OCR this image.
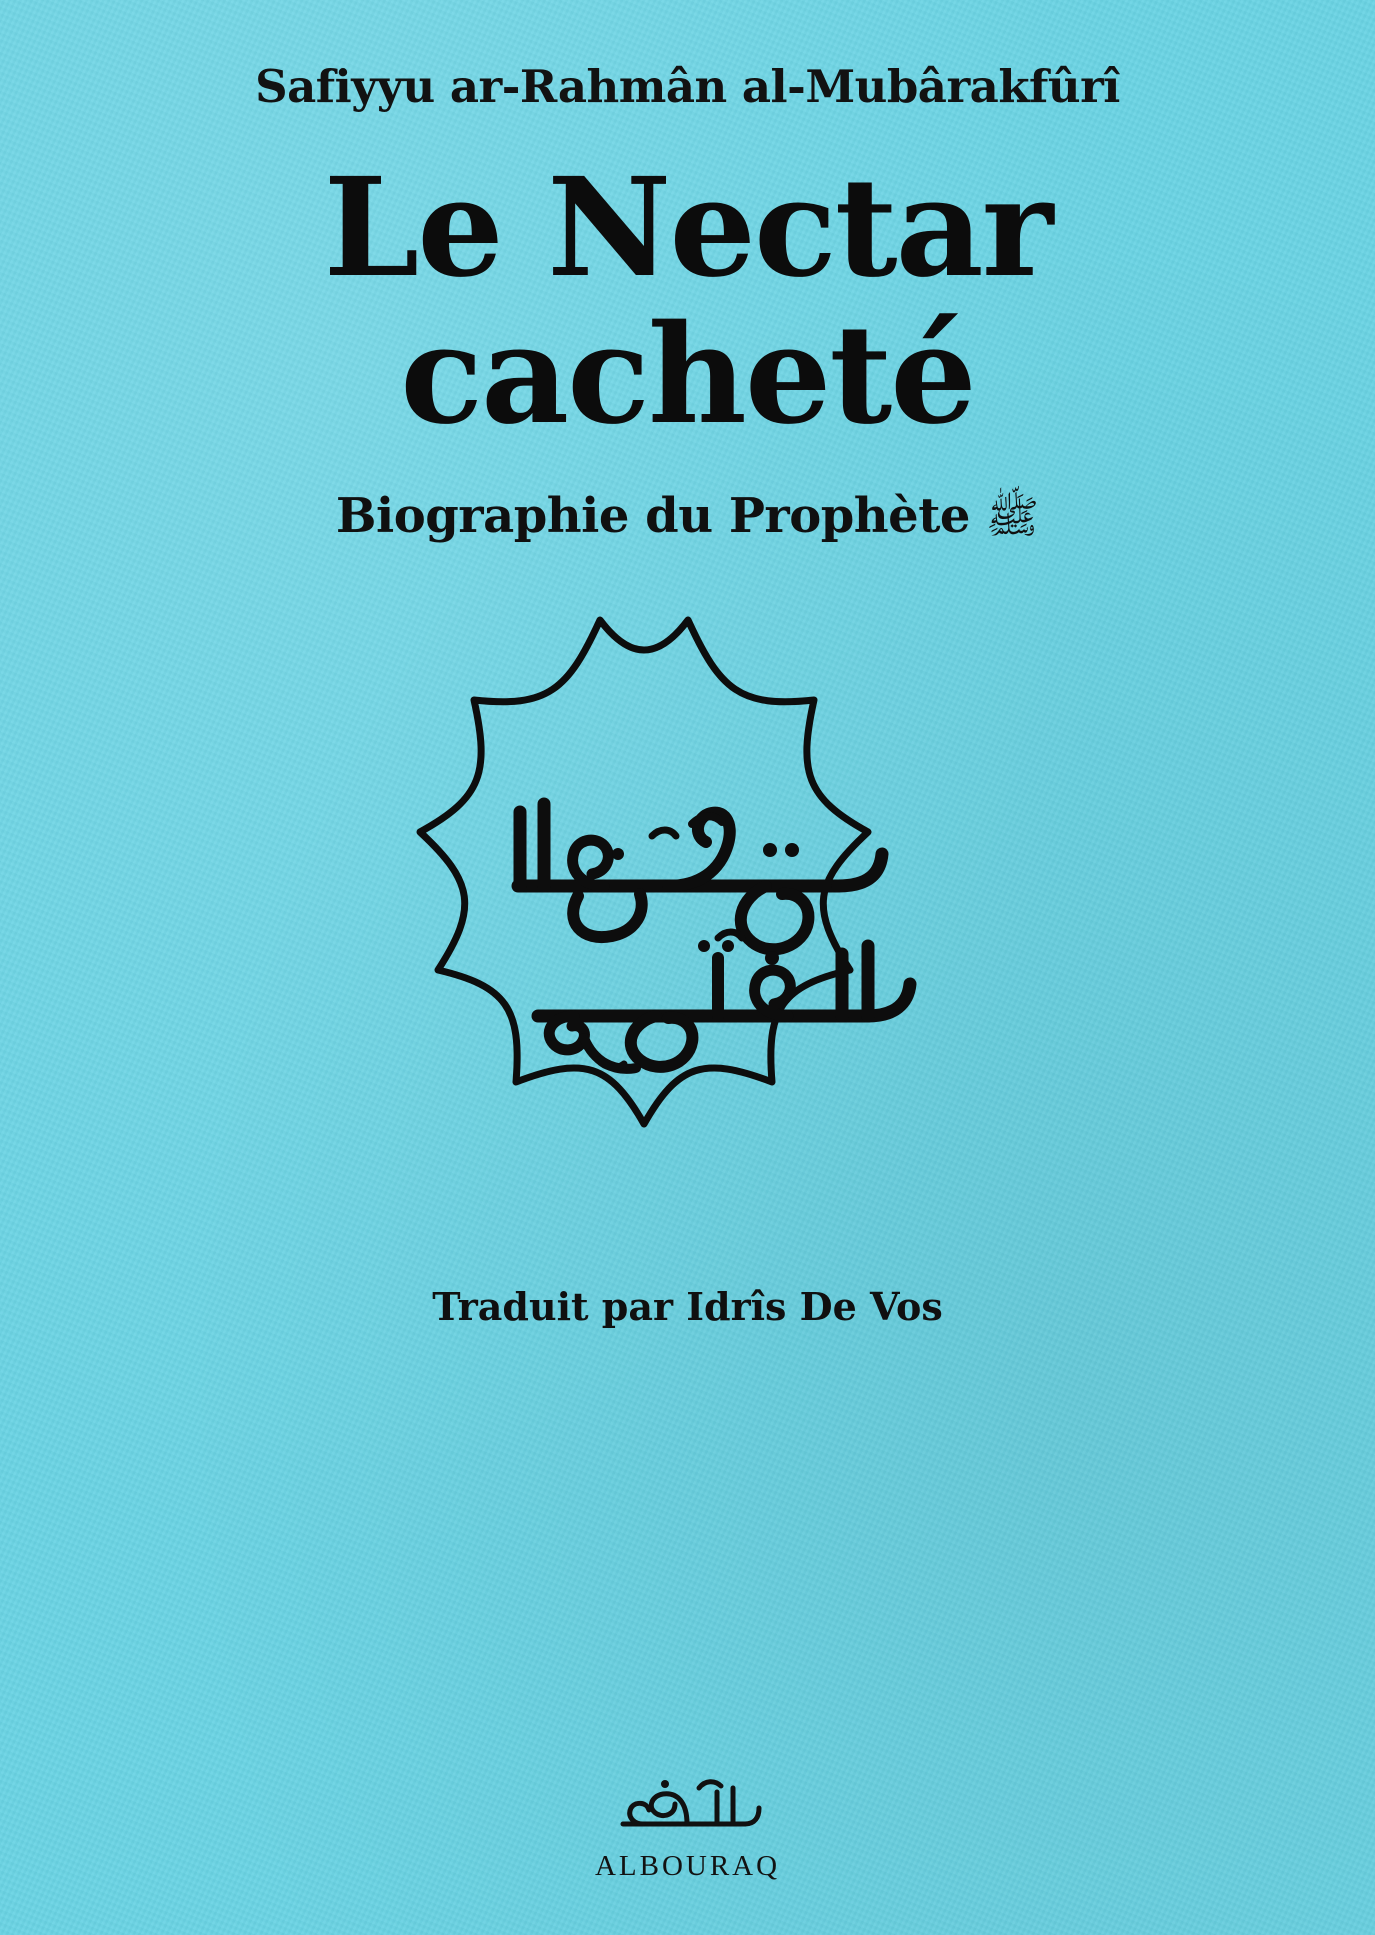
Safiyyu ar-Rahmân al-Mubârakfûrî
Le Nectar
cacheté
Biographie du Prophète ﷺ
Traduit par Idrîs De Vos
ALBOURAQ
